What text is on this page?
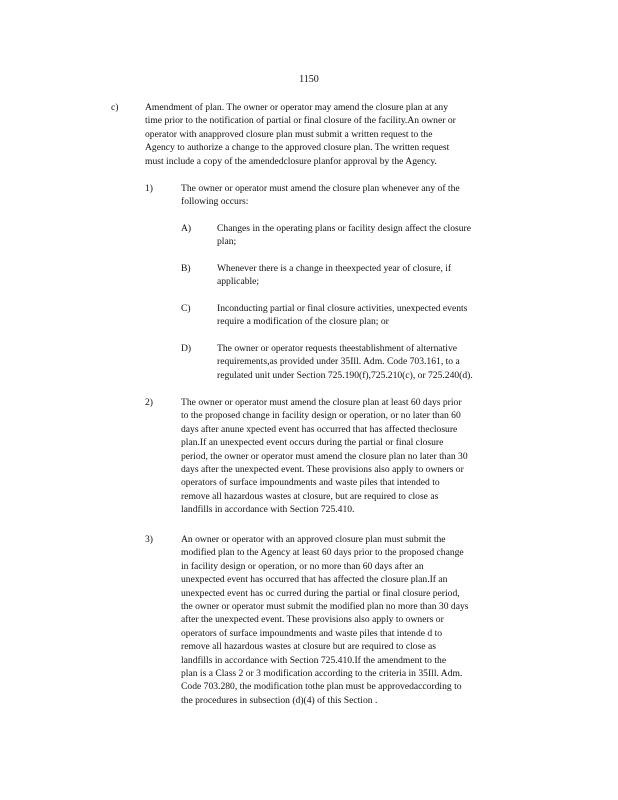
1150
c)	Amendment of plan. The owner or operator may amend the closure plan at any
time prior to the notification of partial or final closure of the facility.An owner or
operator with anapproved closure plan must submit a written request to the
Agency to authorize a change to the approved closure plan. The written request
must include a copy of the amendedclosure planfor approval by the Agency.
1)	The owner or operator must amend the closure plan whenever any of the
following occurs:
A)	Changes in the operating plans or facility design affect the closure
plan;
B)	Whenever there is a change in theexpected year of closure, if
applicable;
C)	Inconducting partial or final closure activities, unexpected events
require a modification of the closure plan; or
D)	The owner or operator requests theestablishment of alternative
requirements,as provided under 35Ill. Adm. Code 703.161, to a
regulated unit under Section 725.190(f),725.210(c), or 725.240(d).
2)	The owner or operator must amend the closure plan at least 60 days prior
to the proposed change in facility design or operation, or no later than 60
days after anune xpected event has occurred that has affected theclosure
plan.If an unexpected event occurs during the partial or final closure
period, the owner or operator must amend the closure plan no later than 30
days after the unexpected event. These provisions also apply to owners or
operators of surface impoundments and waste piles that intended to
remove all hazardous wastes at closure, but are required to close as
landfills in accordance with Section 725.410.
3)	An owner or operator with an approved closure plan must submit the
modified plan to the Agency at least 60 days prior to the proposed change
in facility design or operation, or no more than 60 days after an
unexpected event has occurred that has affected the closure plan.If an
unexpected event has oc curred during the partial or final closure period,
the owner or operator must submit the modified plan no more than 30 days
after the unexpected event. These provisions also apply to owners or
operators of surface impoundments and waste piles that intende d to
remove all hazardous wastes at closure but are required to close as
landfills in accordance with Section 725.410.If the amendment to the
plan is a Class 2 or 3 modification according to the criteria in 35Ill. Adm.
Code 703.280, the modification tothe plan must be approvedaccording to
the procedures in subsection (d)(4) of this Section .
